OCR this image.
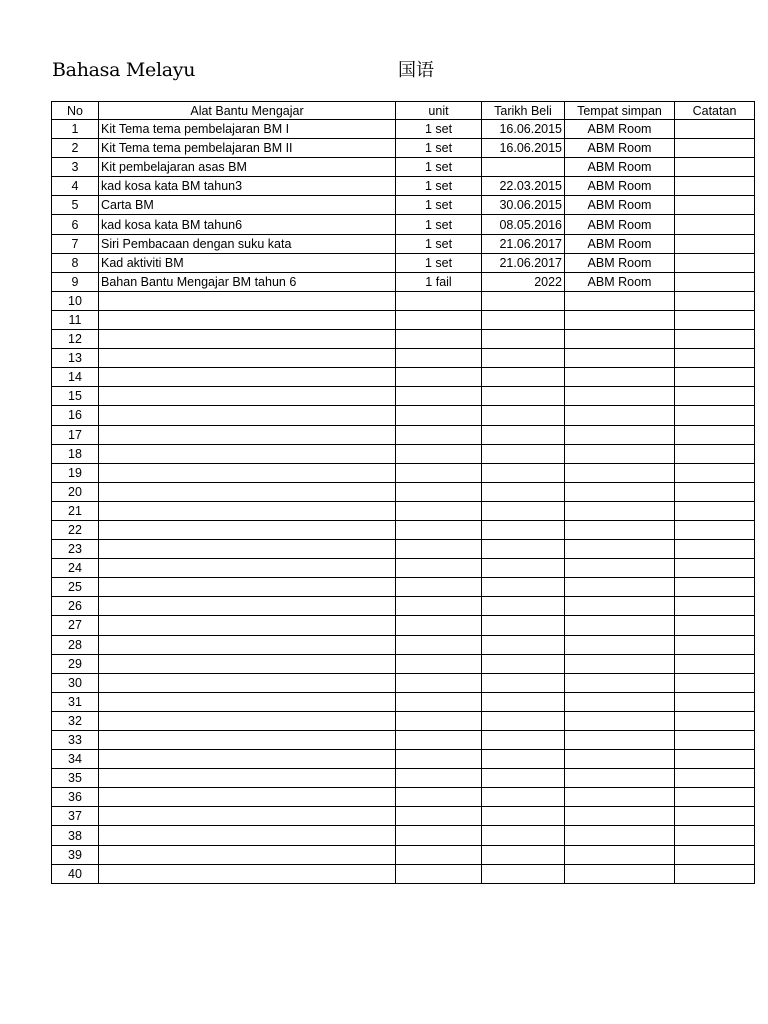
Bahasa Melayu	国语
No	Alat Bantu Mengajar	unit	Tarikh Beli	Tempat simpan	Catatan
1	Kit Tema tema pembelajaran BM I	1 set	16.06.2015	ABM Room	
2	Kit Tema tema pembelajaran BM II	1 set	16.06.2015	ABM Room	
3	Kit pembelajaran asas BM	1 set		ABM Room	
4	kad kosa kata BM tahun3	1 set	22.03.2015	ABM Room	
5	Carta BM	1 set	30.06.2015	ABM Room	
6	kad kosa kata BM tahun6	1 set	08.05.2016	ABM Room	
7	Siri Pembacaan dengan suku kata	1 set	21.06.2017	ABM Room	
8	Kad aktiviti BM	1 set	21.06.2017	ABM Room	
9	Bahan Bantu Mengajar BM tahun 6	1 fail	2022	ABM Room	
10					
11					
12					
13					
14					
15					
16					
17					
18					
19					
20					
21					
22					
23					
24					
25					
26					
27					
28					
29					
30					
31					
32					
33					
34					
35					
36					
37					
38					
39					
40					
